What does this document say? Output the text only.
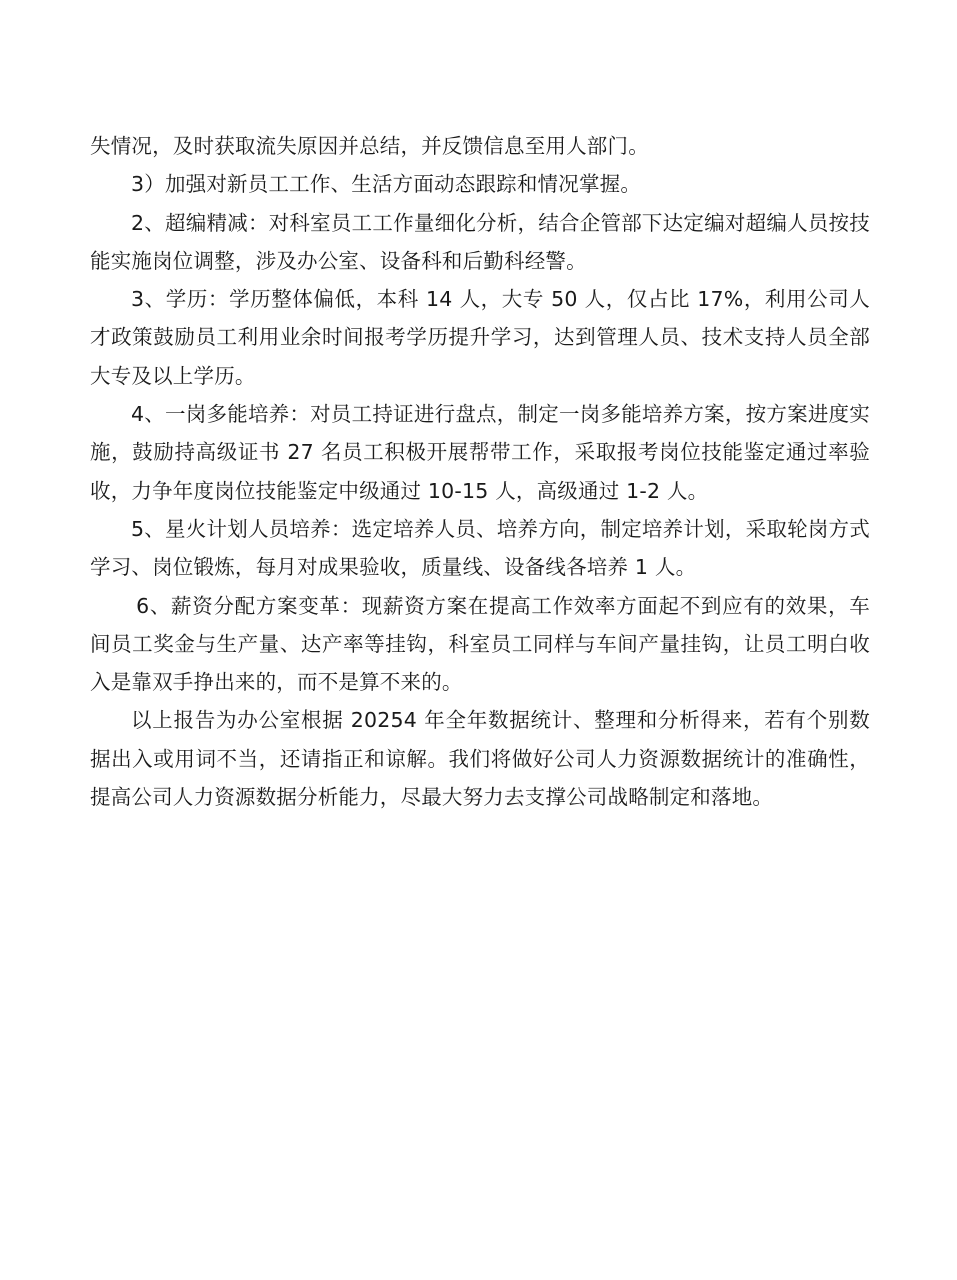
失情况，及时获取流失原因并总结，并反馈信息至用人部门。

3）加强对新员工工作、生活方面动态跟踪和情况掌握。

2、超编精减：对科室员工工作量细化分析，结合企管部下达定编对超编人员按技能实施岗位调整，涉及办公室、设备科和后勤科经警。

3、学历：学历整体偏低，本科 14 人，大专 50 人，仅占比 17%，利用公司人才政策鼓励员工利用业余时间报考学历提升学习，达到管理人员、技术支持人员全部大专及以上学历。

4、一岗多能培养：对员工持证进行盘点，制定一岗多能培养方案，按方案进度实施，鼓励持高级证书 27 名员工积极开展帮带工作，采取报考岗位技能鉴定通过率验收，力争年度岗位技能鉴定中级通过 10-15 人，高级通过 1-2 人。

5、星火计划人员培养：选定培养人员、培养方向，制定培养计划，采取轮岗方式学习、岗位锻炼，每月对成果验收，质量线、设备线各培养 1 人。

6、薪资分配方案变革：现薪资方案在提高工作效率方面起不到应有的效果，车间员工奖金与生产量、达产率等挂钩，科室员工同样与车间产量挂钩，让员工明白收入是靠双手挣出来的，而不是算不来的。

以上报告为办公室根据 20254 年全年数据统计、整理和分析得来，若有个别数据出入或用词不当，还请指正和谅解。我们将做好公司人力资源数据统计的准确性，提高公司人力资源数据分析能力，尽最大努力去支撑公司战略制定和落地。
